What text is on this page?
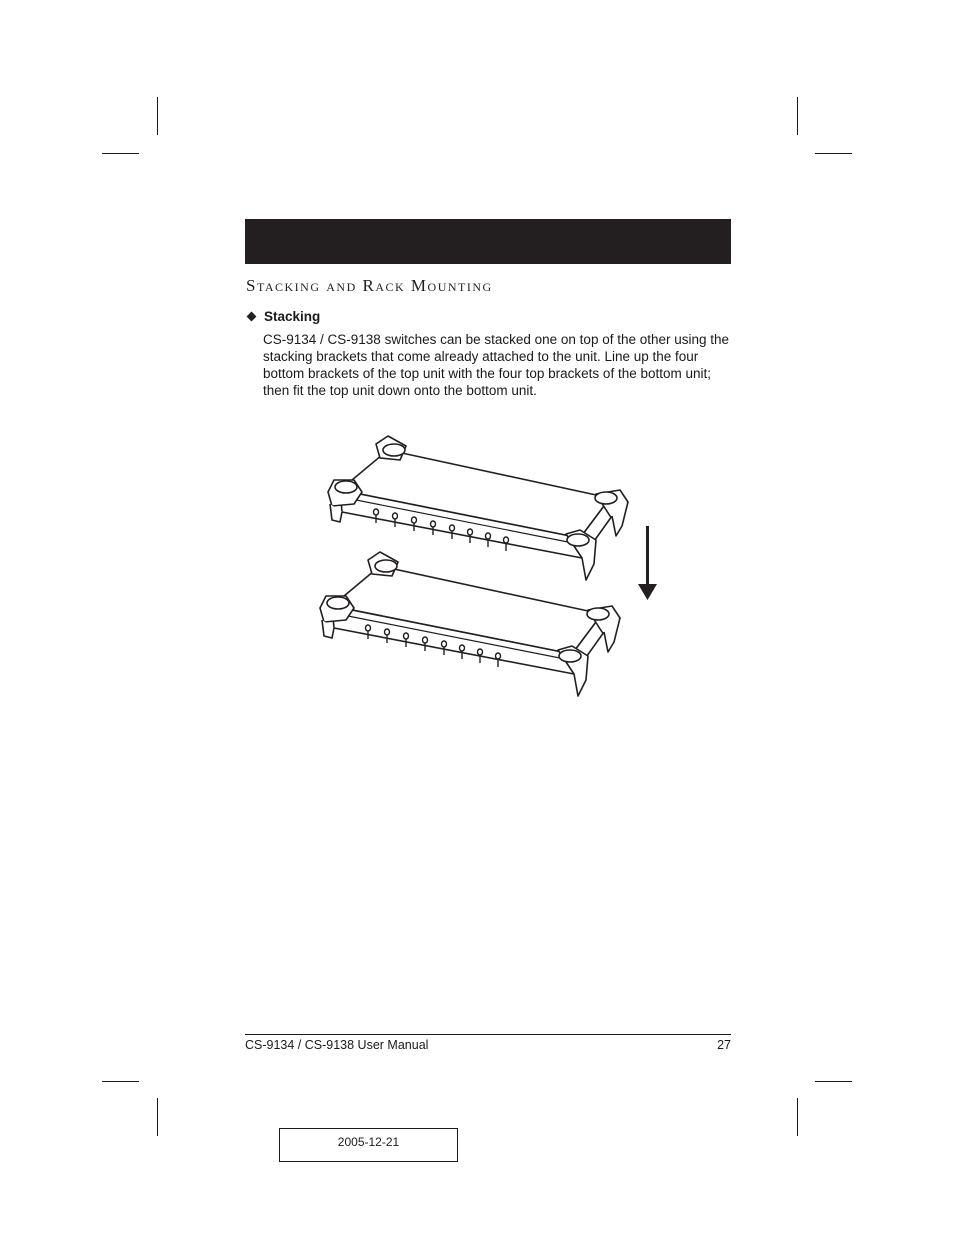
Stacking and Rack Mounting
Stacking
CS-9134 / CS-9138 switches can be stacked one on top of the other using the stacking brackets that come already attached to the unit. Line up the four bottom brackets of the top unit with the four top brackets of the bottom unit; then fit the top unit down onto the bottom unit.
CS-9134 / CS-9138 User Manual	27
2005-12-21
